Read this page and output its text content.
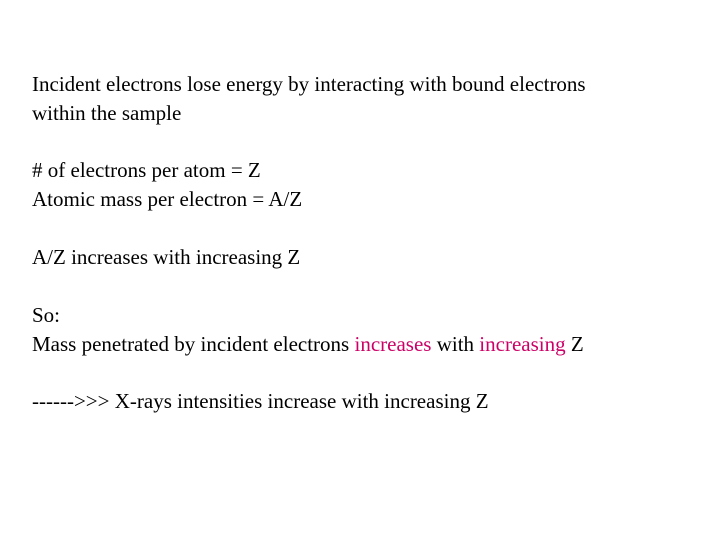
Incident electrons lose energy by interacting with bound electrons
within the sample

# of electrons per atom = Z
Atomic mass per electron = A/Z

A/Z increases with increasing Z

So:
Mass penetrated by incident electrons increases with increasing Z

------>>> X-rays intensities increase with increasing Z
